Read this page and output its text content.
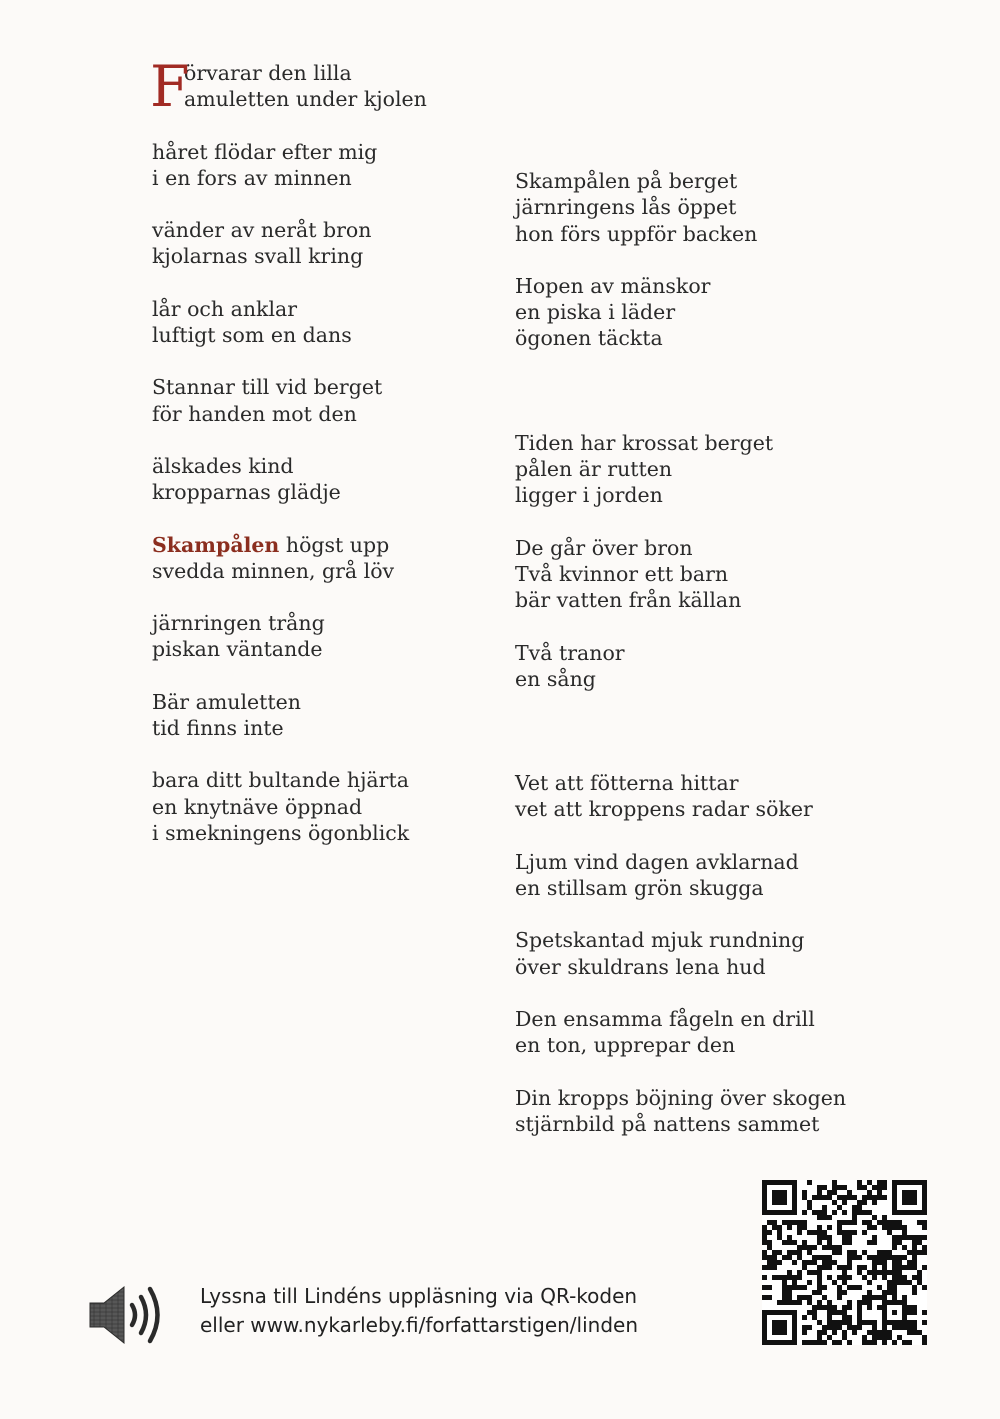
F
örvarar den lilla
amuletten under kjolen
håret flödar efter mig
i en fors av minnen
vänder av neråt bron
kjolarnas svall kring
lår och anklar
luftigt som en dans
Stannar till vid berget
för handen mot den
älskades kind
kropparnas glädje
Skampålen högst upp
svedda minnen, grå löv
järnringen trång
piskan väntande
Bär amuletten
tid finns inte
bara ditt bultande hjärta
en knytnäve öppnad
i smekningens ögonblick
Skampålen på berget
järnringens lås öppet
hon förs uppför backen
Hopen av mänskor
en piska i läder
ögonen täckta
Tiden har krossat berget
pålen är rutten
ligger i jorden
De går över bron
Två kvinnor ett barn
bär vatten från källan
Två tranor
en sång
Vet att fötterna hittar
vet att kroppens radar söker
Ljum vind dagen avklarnad
en stillsam grön skugga
Spetskantad mjuk rundning
över skuldrans lena hud
Den ensamma fågeln en drill
en ton, upprepar den
Din kropps böjning över skogen
stjärnbild på nattens sammet
Lyssna till Lindéns uppläsning via QR-koden
eller www.nykarleby.fi/forfattarstigen/linden
